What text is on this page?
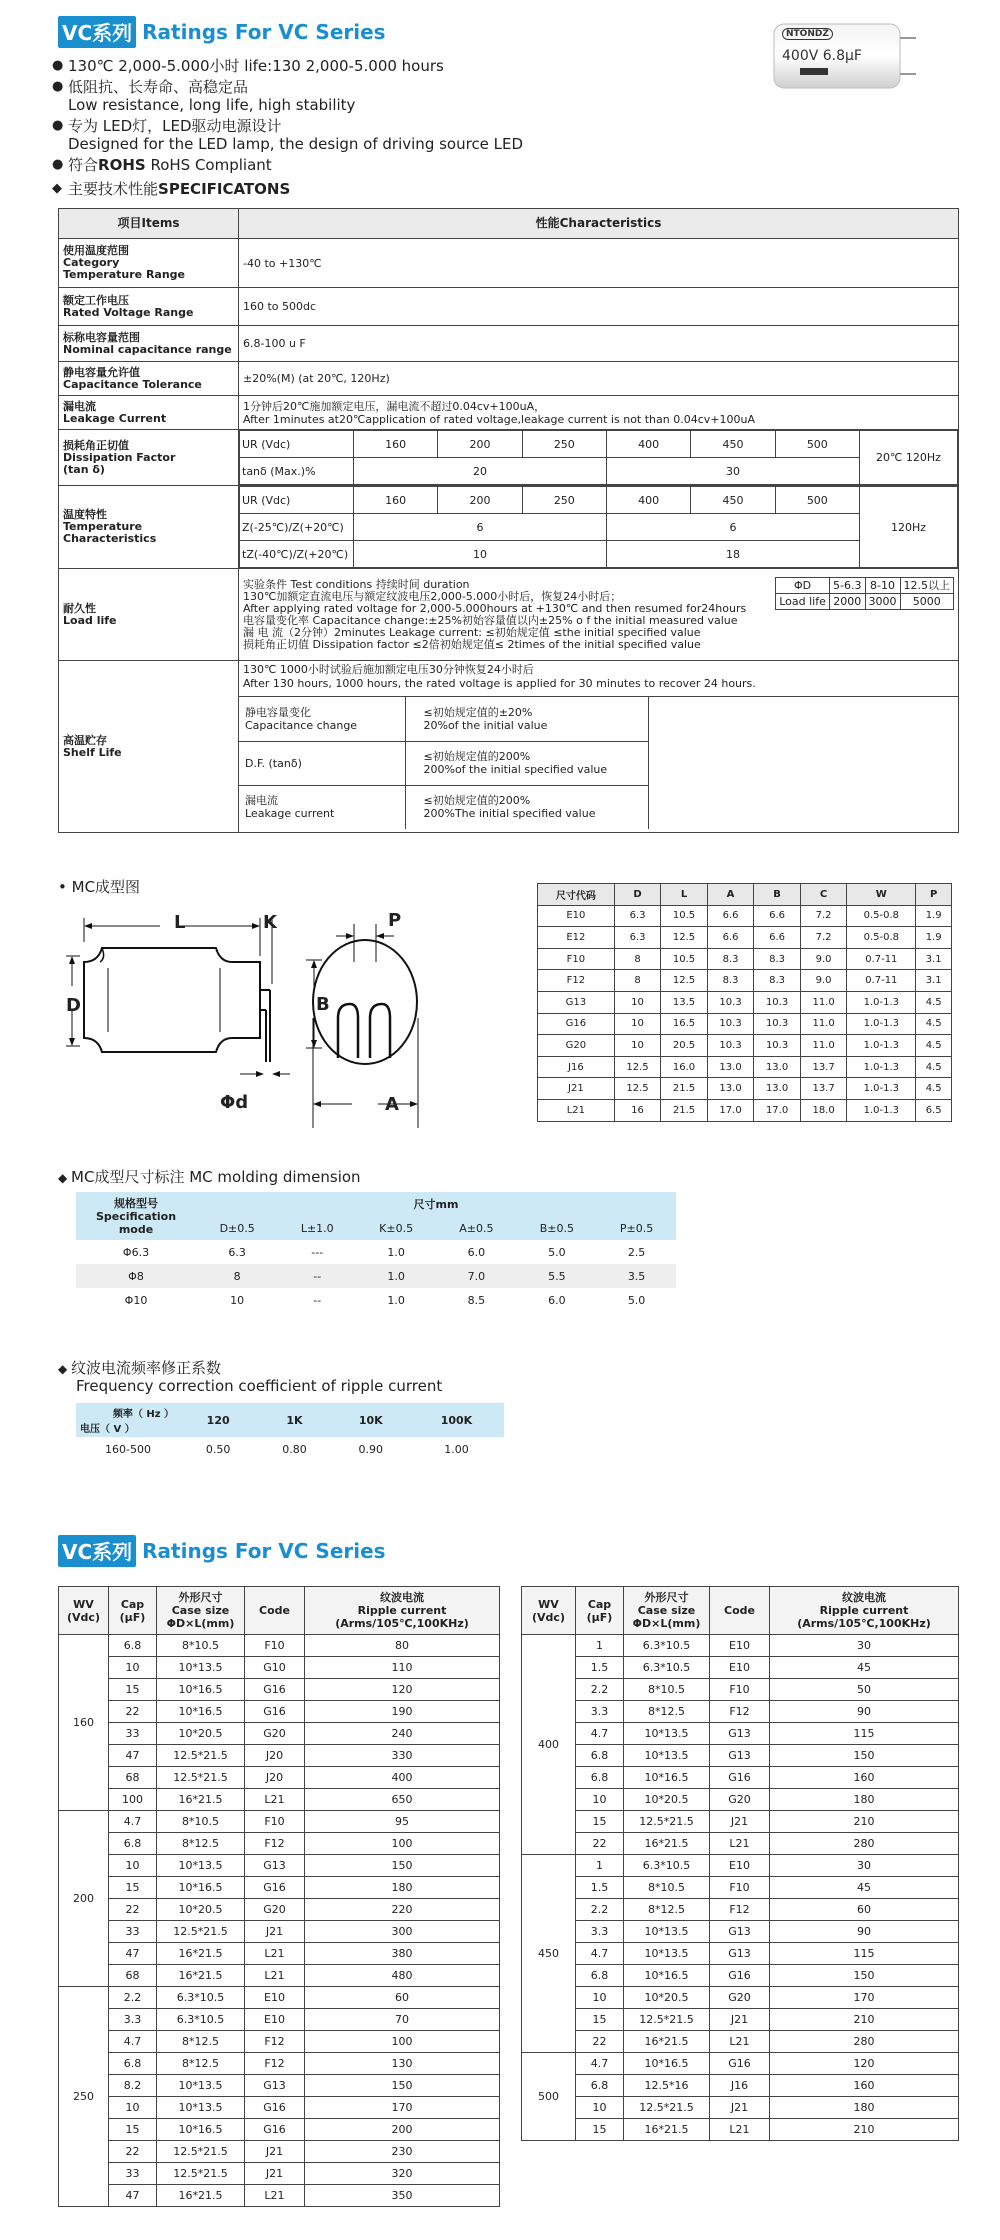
VC系列 Ratings For VC Series	NTONDZ
400V 6.8μF
● 130℃ 2,000-5.000小时 life:130 2,000-5.000 hours
● 低阻抗、长寿命、高稳定品
Low resistance, long life, high stability
● 专为 LED灯，LED驱动电源设计
Designed for the LED lamp, the design of driving source LED
● 符合ROHS RoHS Compliant
◆ 主要技术性能SPECIFICATONS
项目Items	性能Characteristics
使用温度范围
Category
Temperature Range	-40 to +130℃
额定工作电压
Rated Voltage Range	160 to 500dc
标称电容量范围
Nominal capacitance range	6.8-100 u F
静电容量允许值
Capacitance Tolerance	±20%(M) (at 20℃, 120Hz)
漏电流
Leakage Current	1分钟后20℃施加额定电压，漏电流不超过0.04cv+100uA，
After 1minutes at20℃application of rated voltage,leakage current is not than 0.04cv+100uA
损耗角正切值
Dissipation Factor
(tan δ)	
UR (Vdc)	160	200	250	400	450	500	20℃ 120Hz
tanδ (Max.)%	20	30

温度特性
Temperature
Characteristics	
UR (Vdc)	160	200	250	400	450	500	120Hz
Z(-25℃)/Z(+20℃)	6	6
tZ(-40℃)/Z(+20℃)	10	18

耐久性
Load life	实验条件 Test conditions 持续时间 duration
130℃加额定直流电压与额定纹波电压2,000-5.000小时后，恢复24小时后；
After applying rated voltage for 2,000-5.000hours at +130℃ and then resumed for24hours
电容量变化率 Capacitance change:±25%初始容量值以内±25% o f the initial measured value
漏 电 流（2分钟）2minutes Leakage current: ≤初始规定值 ≤the initial specified value
损耗角正切值 Dissipation factor ≤2倍初始规定值≤ 2times of the initial specified value
ΦD	5-6.3	8-10	12.5以上
Load life	2000	3000	5000

高温贮存
Shelf Life	
130℃ 1000小时试验后施加额定电压30分钟恢复24小时后
After 130 hours, 1000 hours, the rated voltage is applied for 30 minutes to recover 24 hours.
静电容量变化
Capacitance change	≤初始规定值的±20%
20%of the initial value
D.F. (tanδ)	≤初始规定值的200%
200%of the initial specified value
漏电流
Leakage current	≤初始规定值的200%
200%The initial specified value
• MC成型图
L	K
D
Φd
P
B
A
尺寸代码	D	L	A	B	C	W	P
E10	6.3	10.5	6.6	6.6	7.2	0.5-0.8	1.9
E12	6.3	12.5	6.6	6.6	7.2	0.5-0.8	1.9
F10	8	10.5	8.3	8.3	9.0	0.7-11	3.1
F12	8	12.5	8.3	8.3	9.0	0.7-11	3.1
G13	10	13.5	10.3	10.3	11.0	1.0-1.3	4.5
G16	10	16.5	10.3	10.3	11.0	1.0-1.3	4.5
G20	10	20.5	10.3	10.3	11.0	1.0-1.3	4.5
J16	12.5	16.0	13.0	13.0	13.7	1.0-1.3	4.5
J21	12.5	21.5	13.0	13.0	13.7	1.0-1.3	4.5
L21	16	21.5	17.0	17.0	18.0	1.0-1.3	6.5
◆ MC成型尺寸标注 MC molding dimension
规格型号
Specification mode	尺寸mm					
	D±0.5	L±1.0	K±0.5	A±0.5	B±0.5	P±0.5
Φ6.3	6.3	---	1.0	6.0	5.0	2.5
Φ8	8	--	1.0	7.0	5.5	3.5
Φ10	10	--	1.0	8.5	6.0	5.0
◆ 纹波电流频率修正系数
Frequency correction coefficient of ripple current
频率（ Hz ）
电压（ V ）	120	1K	10K	100K
160-500	0.50	0.80	0.90	1.00
VC系列 Ratings For VC Series
WV
(Vdc)	Cap
(μF)	外形尺寸
Case size
ΦD×L(mm)	Code	纹波电流
Ripple current
(Arms/105℃,100KHz)
160	6.8	8*10.5	F10	80
	10	10*13.5	G10	110
	15	10*16.5	G16	120
	22	10*16.5	G16	190
	33	10*20.5	G20	240
	47	12.5*21.5	J20	330
	68	12.5*21.5	J20	400
	100	16*21.5	L21	650
200	4.7	8*10.5	F10	95
	6.8	8*12.5	F12	100
	10	10*13.5	G13	150
	15	10*16.5	G16	180
	22	10*20.5	G20	220
	33	12.5*21.5	J21	300
	47	16*21.5	L21	380
	68	16*21.5	L21	480
250	2.2	6.3*10.5	E10	60
	3.3	6.3*10.5	E10	70
	4.7	8*12.5	F12	100
	6.8	8*12.5	F12	130
	8.2	10*13.5	G13	150
	10	10*13.5	G16	170
	15	10*16.5	G16	200
	22	12.5*21.5	J21	230
	33	12.5*21.5	J21	320
	47	16*21.5	L21	350
WV
(Vdc)	Cap
(μF)	外形尺寸
Case size
ΦD×L(mm)	Code	纹波电流
Ripple current
(Arms/105℃,100KHz)
400	1	6.3*10.5	E10	30
	1.5	6.3*10.5	E10	45
	2.2	8*10.5	F10	50
	3.3	8*12.5	F12	90
	4.7	10*13.5	G13	115
	6.8	10*13.5	G13	150
	6.8	10*16.5	G16	160
	10	10*20.5	G20	180
	15	12.5*21.5	J21	210
	22	16*21.5	L21	280
450	1	6.3*10.5	E10	30
	1.5	8*10.5	F10	45
	2.2	8*12.5	F12	60
	3.3	10*13.5	G13	90
	4.7	10*13.5	G13	115
	6.8	10*16.5	G16	150
	10	10*20.5	G20	170
	15	12.5*21.5	J21	210
	22	16*21.5	L21	280
500	4.7	10*16.5	G16	120
	6.8	12.5*16	J16	160
	10	12.5*21.5	J21	180
	15	16*21.5	L21	210
